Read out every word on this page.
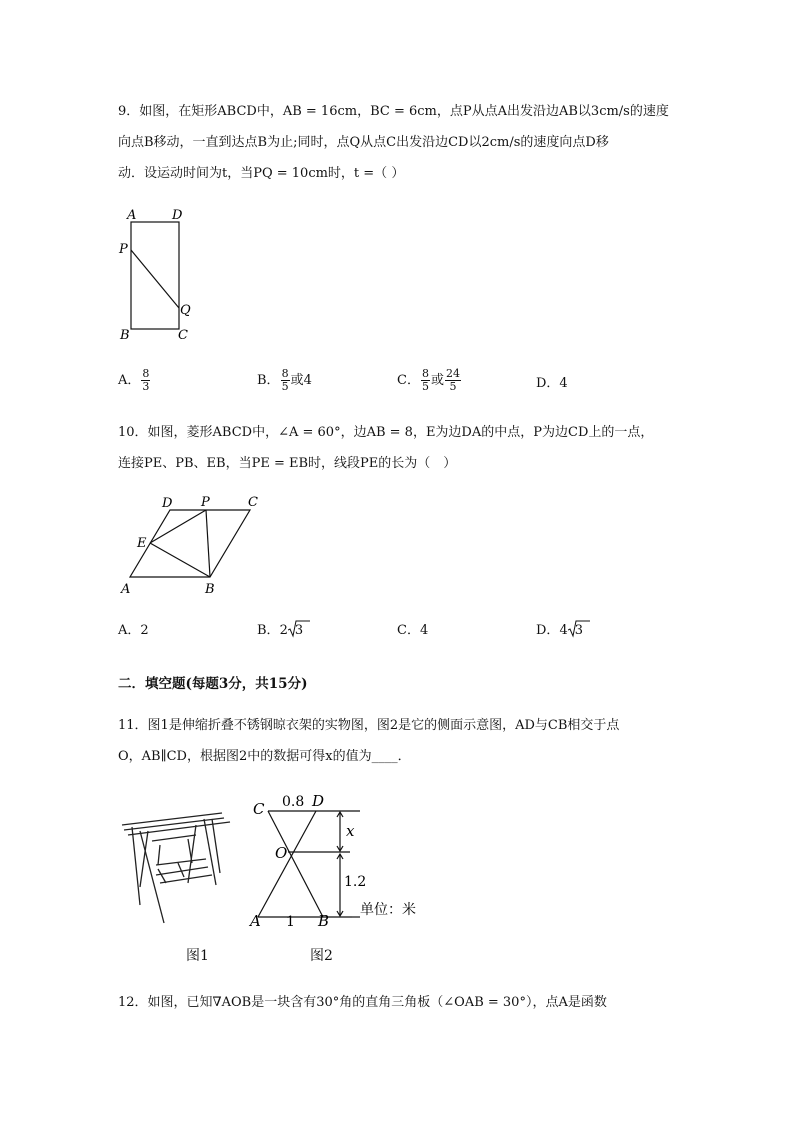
9．如图，在矩形ABCD中，AB = 16cm，BC = 6cm，点P从点A出发沿边AB以3cm/s的速度
向点B移动，一直到达点B为止;同时，点Q从点C出发沿边CD以2cm/s的速度向点D移
动．设运动时间为t，当PQ = 10cm时，t =（ ）
A	D
P
Q
B	C
A． $\frac{8}{3}$	B． $\frac{8}{5}$ 或4	C． $\frac{8}{5}$ 或 $\frac{24}{5}$	D．4
10．如图，菱形ABCD中，∠A = 60°，边AB = 8，E为边DA的中点，P为边CD上的一点，
连接PE、PB、EB，当PE = EB时，线段PE的长为（　）
D P	C
E
A	B
A．2	B．2 3	C．4	D．4 3
二．填空题(每题3分，共15分)
11．图1是伸缩折叠不锈钢晾衣架的实物图，图2是它的侧面示意图，AD与CB相交于点
O，AB∥CD，根据图2中的数据可得x的值为____．
图1
C 0.8 D
x
O
1.2
A 1 B
单位：米
图2
12．如图，已知∇AOB是一块含有30°角的直角三角板（∠OAB = 30°），点A是函数
